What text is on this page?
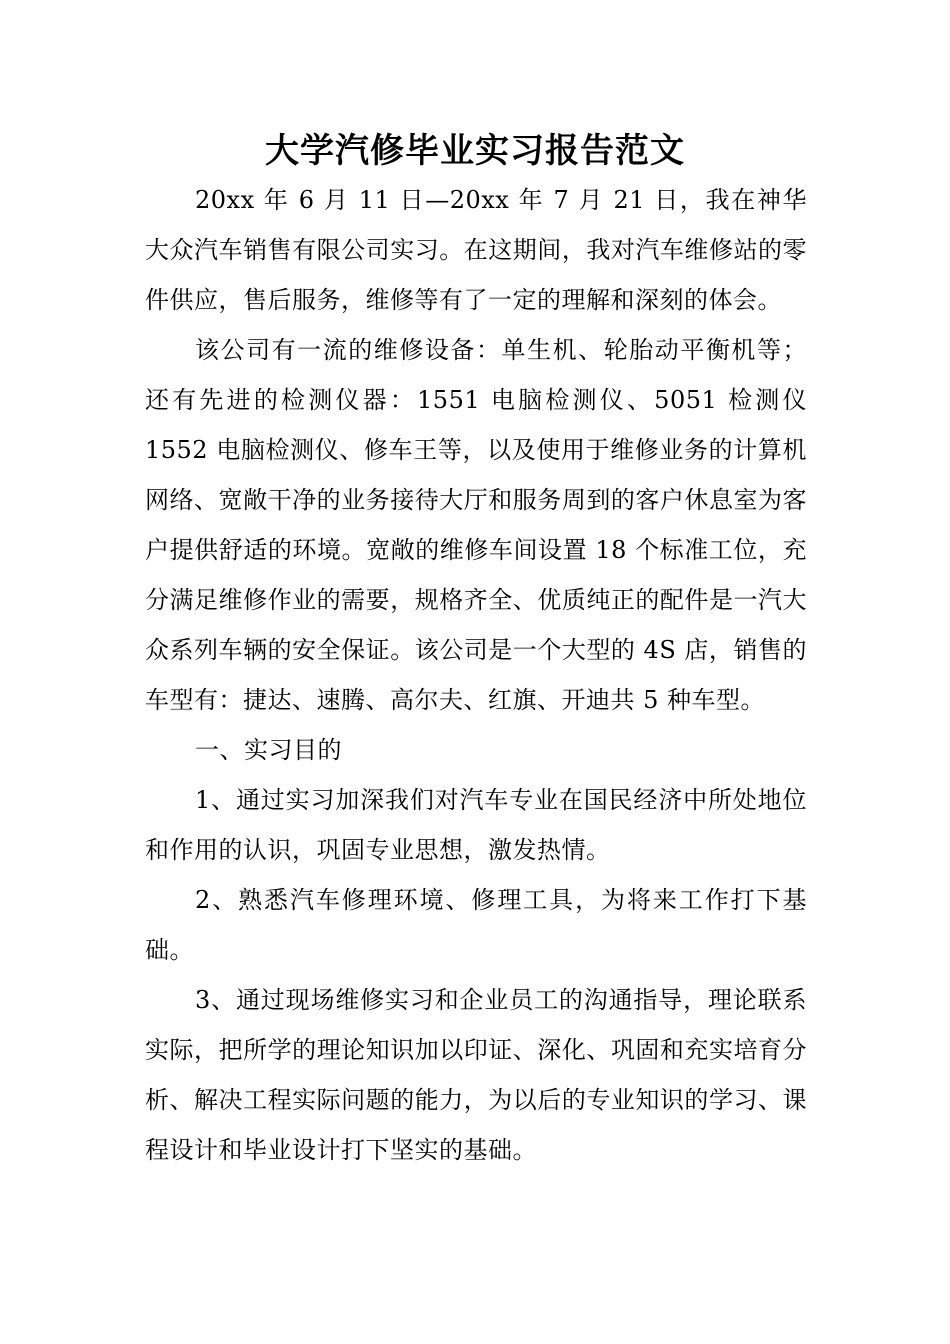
大学汽修毕业实习报告范文

20xx 年 6 月 11 日—20xx 年 7 月 21 日，我在神华大众汽车销售有限公司实习。在这期间，我对汽车维修站的零件供应，售后服务，维修等有了一定的理解和深刻的体会。

该公司有一流的维修设备：单生机、轮胎动平衡机等；还有先进的检测仪器：1551 电脑检测仪、5051 检测仪 1552 电脑检测仪、修车王等，以及使用于维修业务的计算机网络、宽敞干净的业务接待大厅和服务周到的客户休息室为客户提供舒适的环境。宽敞的维修车间设置 18 个标准工位，充分满足维修作业的需要，规格齐全、优质纯正的配件是一汽大众系列车辆的安全保证。该公司是一个大型的 4S 店，销售的车型有：捷达、速腾、高尔夫、红旗、开迪共 5 种车型。

一、实习目的

1、通过实习加深我们对汽车专业在国民经济中所处地位和作用的认识，巩固专业思想，激发热情。

2、熟悉汽车修理环境、修理工具，为将来工作打下基础。

3、通过现场维修实习和企业员工的沟通指导，理论联系实际，把所学的理论知识加以印证、深化、巩固和充实培育分析、解决工程实际问题的能力，为以后的专业知识的学习、课程设计和毕业设计打下坚实的基础。
